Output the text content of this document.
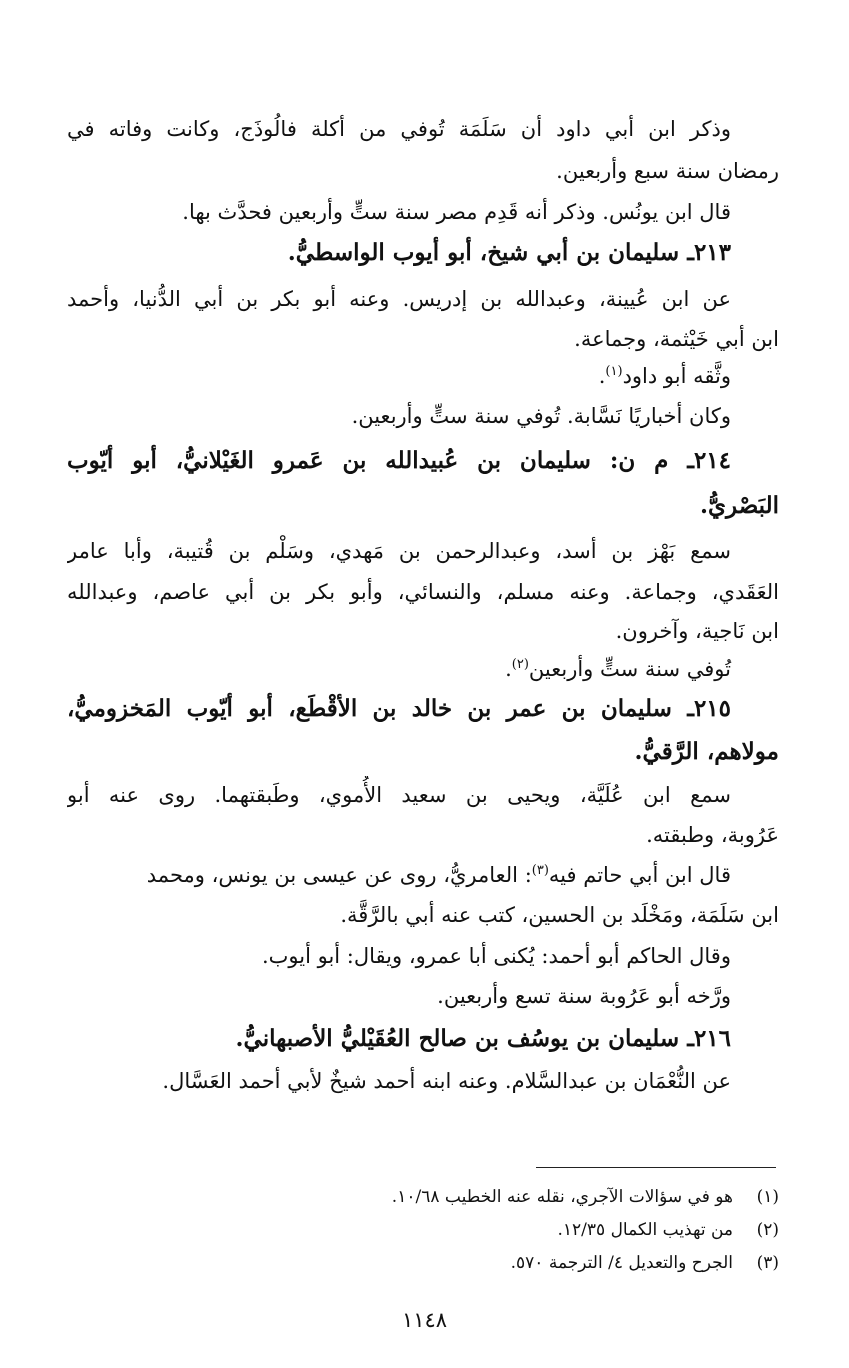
وذكر ابن أبي داود أن سَلَمَة تُوفي من أكلة فالُوذَج، وكانت وفاته في
رمضان سنة سبع وأربعين.
قال ابن يونُس. وذكر أنه قَدِم مصر سنة ستٍّ وأربعين فحدَّث بها.
٢١٣ـ سليمان بن أبي شيخ، أبو أيوب الواسطيُّ.
عن ابن عُيينة، وعبدالله بن إدريس. وعنه أبو بكر بن أبي الدُّنيا، وأحمد
ابن أبي خَيْثمة، وجماعة.
وثَّقه أبو داود$^{(١)}$.
وكان أخباريًا نَسَّابة. تُوفي سنة ستٍّ وأربعين.
٢١٤ـ م ن: سليمان بن عُبيدالله بن عَمرو الغَيْلانيُّ، أبو أيّوب
البَصْريُّ.
سمع بَهْز بن أسد، وعبدالرحمن بن مَهدي، وسَلْم بن قُتيبة، وأبا عامر
العَقَدي، وجماعة. وعنه مسلم، والنسائي، وأبو بكر بن أبي عاصم، وعبدالله
ابن نَاجية، وآخرون.
تُوفي سنة ستٍّ وأربعين$^{(٢)}$.
٢١٥ـ سليمان بن عمر بن خالد بن الأقْطَع، أبو أيّوب المَخزوميُّ،
مولاهم، الرَّقيُّ.
سمع ابن عُلَيَّة، ويحيى بن سعيد الأُموي، وطَبقتهما. روى عنه أبو
عَرُوبة، وطبقته.
قال ابن أبي حاتم فيه$^{(٣)}$: العامريُّ، روى عن عيسى بن يونس، ومحمد
ابن سَلَمَة، ومَخْلَد بن الحسين، كتب عنه أبي بالرَّقَّة.
وقال الحاكم أبو أحمد: يُكنى أبا عمرو، ويقال: أبو أيوب.
ورَّخه أبو عَرُوبة سنة تسع وأربعين.
٢١٦ـ سليمان بن يوسُف بن صالح العُقَيْليُّ الأصبهانيُّ.
عن النُّعْمَان بن عبدالسَّلام. وعنه ابنه أحمد شيخٌ لأبي أحمد العَسَّال.
(١)هو في سؤالات الآجري، نقله عنه الخطيب ١٠/٦٨.
(٢)من تهذيب الكمال ١٢/٣٥.
(٣)الجرح والتعديل ٤/ الترجمة ٥٧٠.
١١٤٨
